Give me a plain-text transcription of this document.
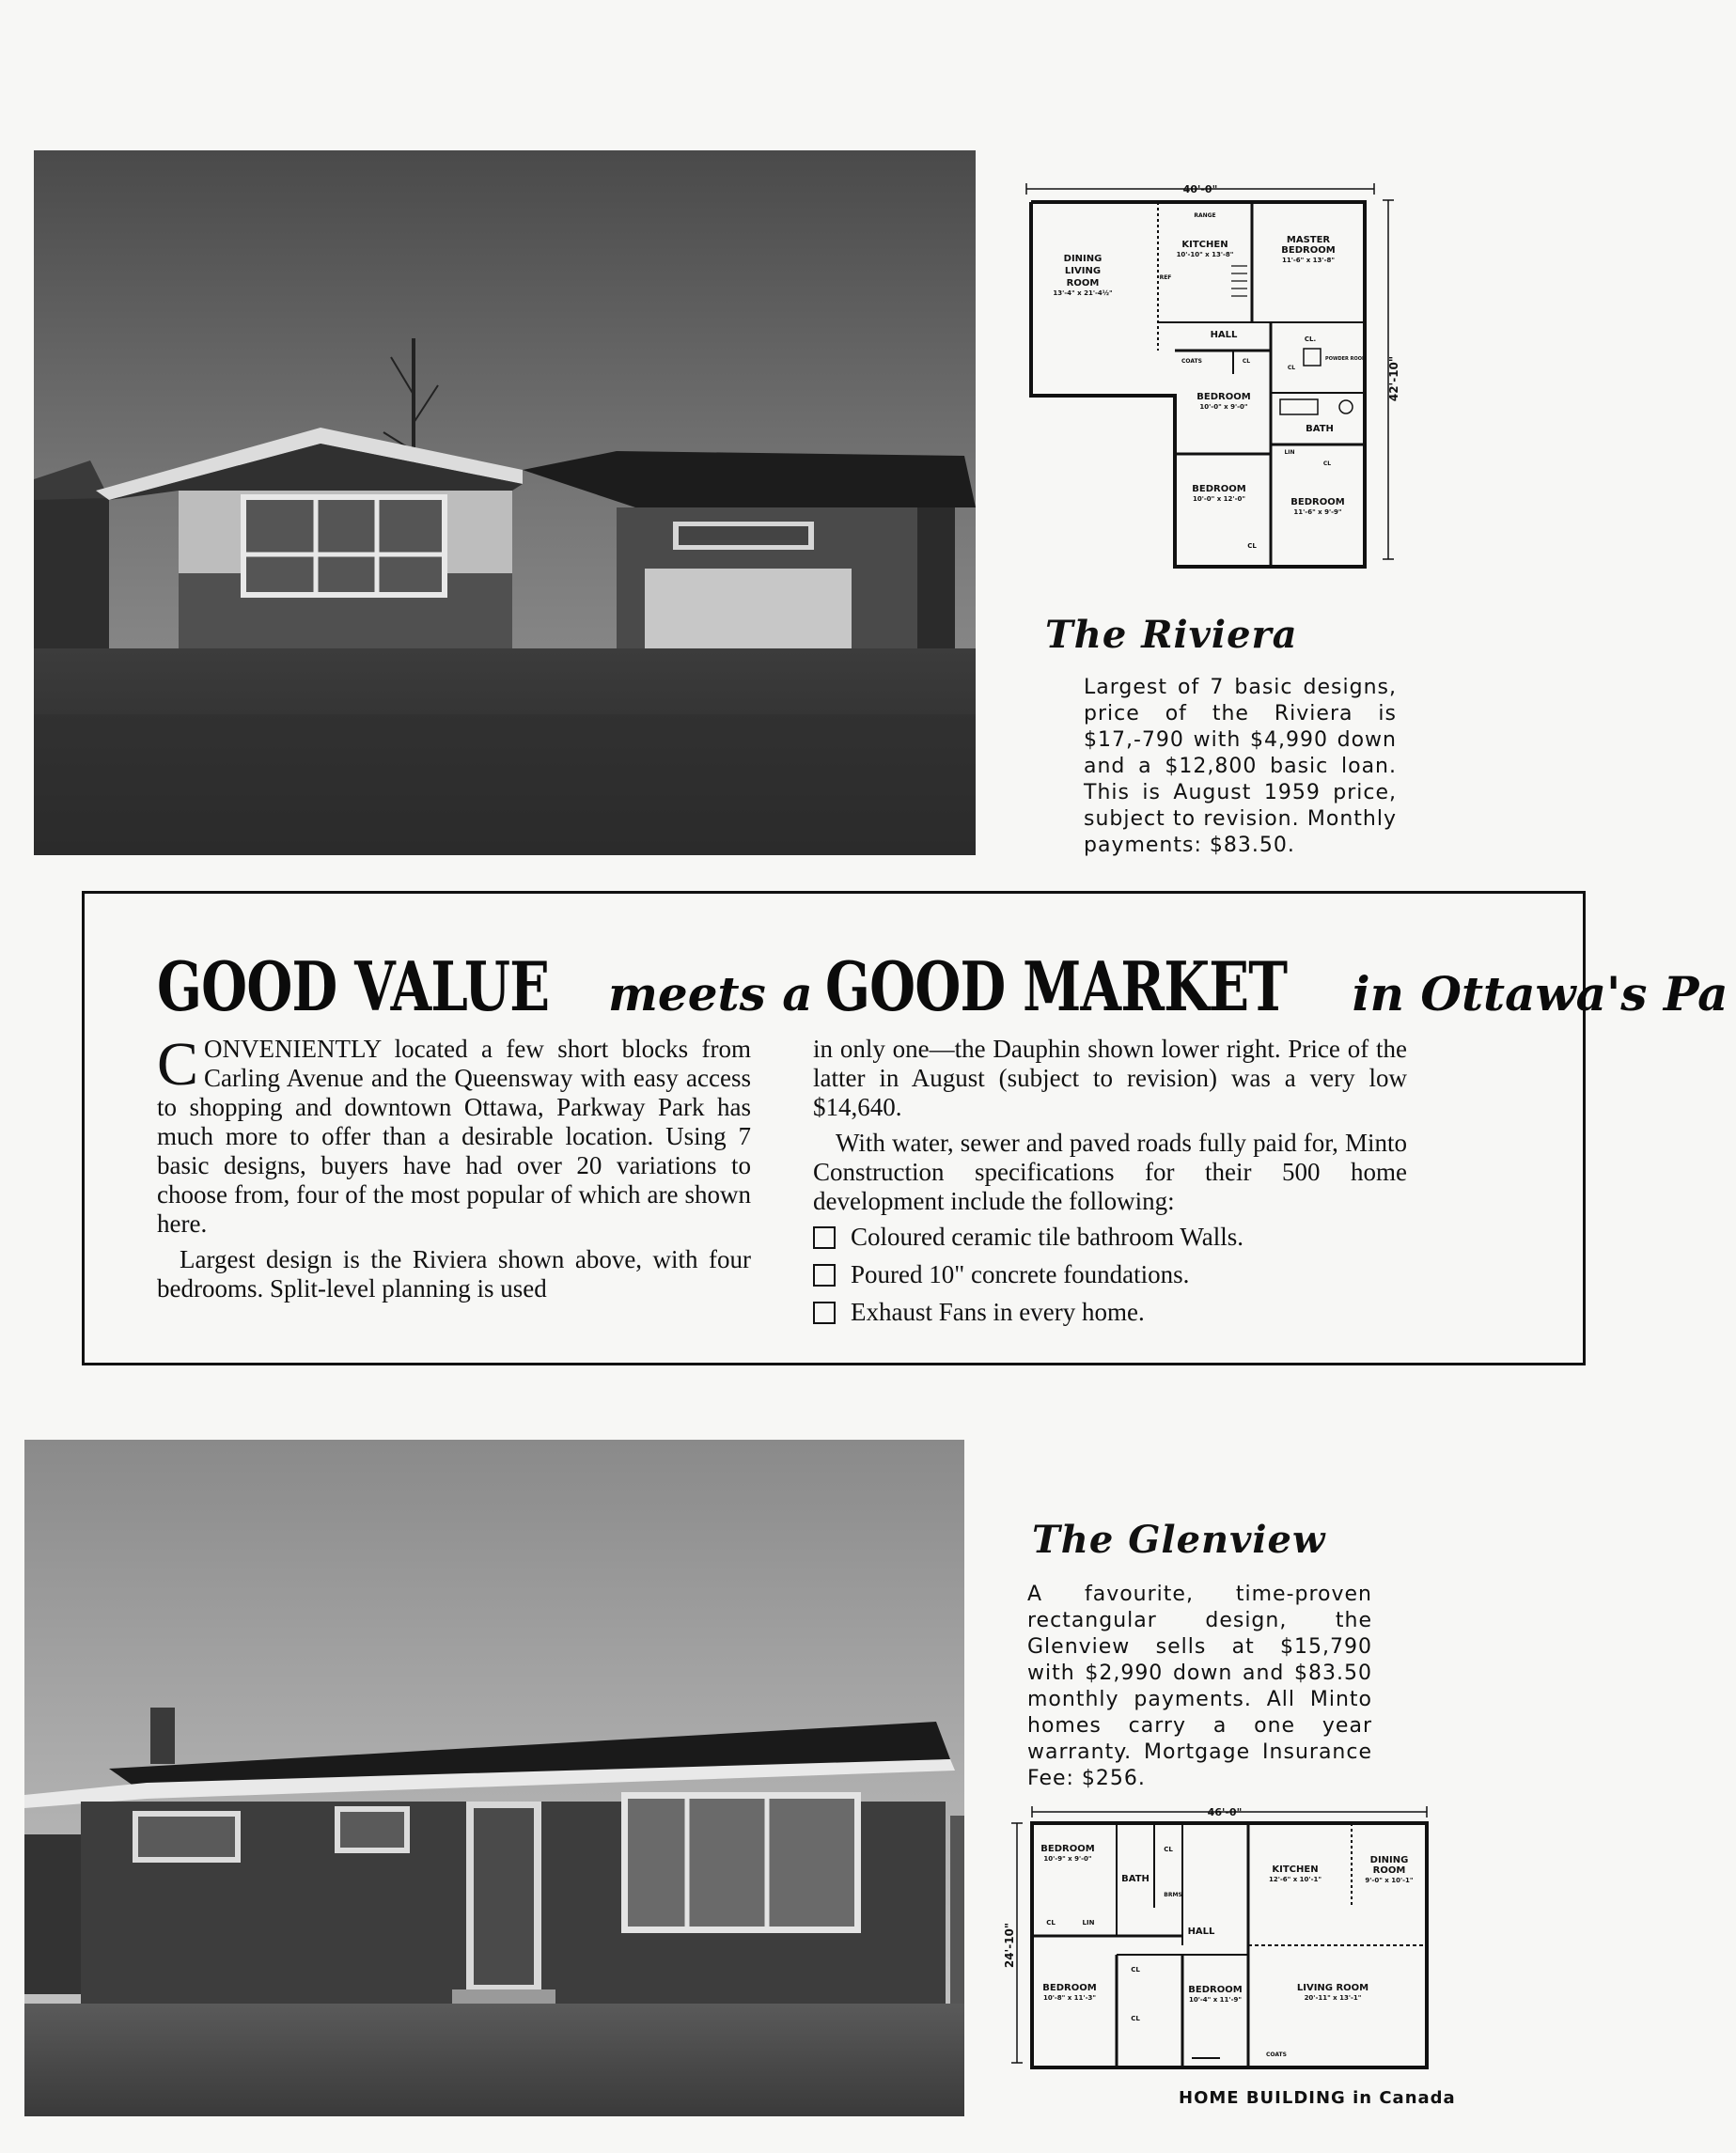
40'-0"
42'-10"
DINING
LIVING
ROOM
13'-4" x 21'-4½"
KITCHEN
10'-10" x 13'-8"
MASTER
BEDROOM
11'-6" x 13'-8"
HALL
BEDROOM
10'-0" x 9'-0"
BATH
BEDROOM
10'-0" x 12'-0"	BEDROOM
11'-6" x 9'-9"
RANGE
REF
COATS	CL
CL.
CL
POWDER ROOM
LIN
CL
CL
The Riviera
Largest of 7 basic designs, price of the Riviera is $17,-790 with $4,990 down and a $12,800 basic loan. This is August 1959 price, subject to revision. Monthly payments: $83.50.
GOOD VALUE meets a GOOD MARKET in Ottawa's Pa

CONVENIENTLY located a few short blocks from Carling Avenue and the Queensway with easy access to shopping and downtown Ottawa, Parkway Park has much more to offer than a desirable location. Using 7 basic designs, buyers have had over 20 variations to choose from, four of the most popular of which are shown here.

Largest design is the Riviera shown above, with four bedrooms. Split-level planning is used

in only one—the Dauphin shown lower right. Price of the latter in August (subject to revision) was a very low $14,640.

With water, sewer and paved roads fully paid for, Minto Construction specifications for their 500 home development include the following:

Coloured ceramic tile bathroom Walls.
Poured 10" concrete foundations.
Exhaust Fans in every home.
The Glenview
A favourite, time-proven rectangular design, the Glenview sells at $15,790 with $2,990 down and $83.50 monthly payments. All Minto homes carry a one year warranty. Mortgage Insurance Fee: $256.
46'-0"
24'-10"
BEDROOM
10'-9" x 9'-0"
BATH
KITCHEN
12'-6" x 10'-1"
DINING
ROOM
9'-0" x 10'-1"
HALL
BEDROOM
10'-8" x 11'-3"
BEDROOM
10'-4" x 11'-9"
LIVING ROOM
20'-11" x 13'-1"
CL	LIN
CL
CL
CL
COATS
BRMS
HOME BUILDING in Canada
